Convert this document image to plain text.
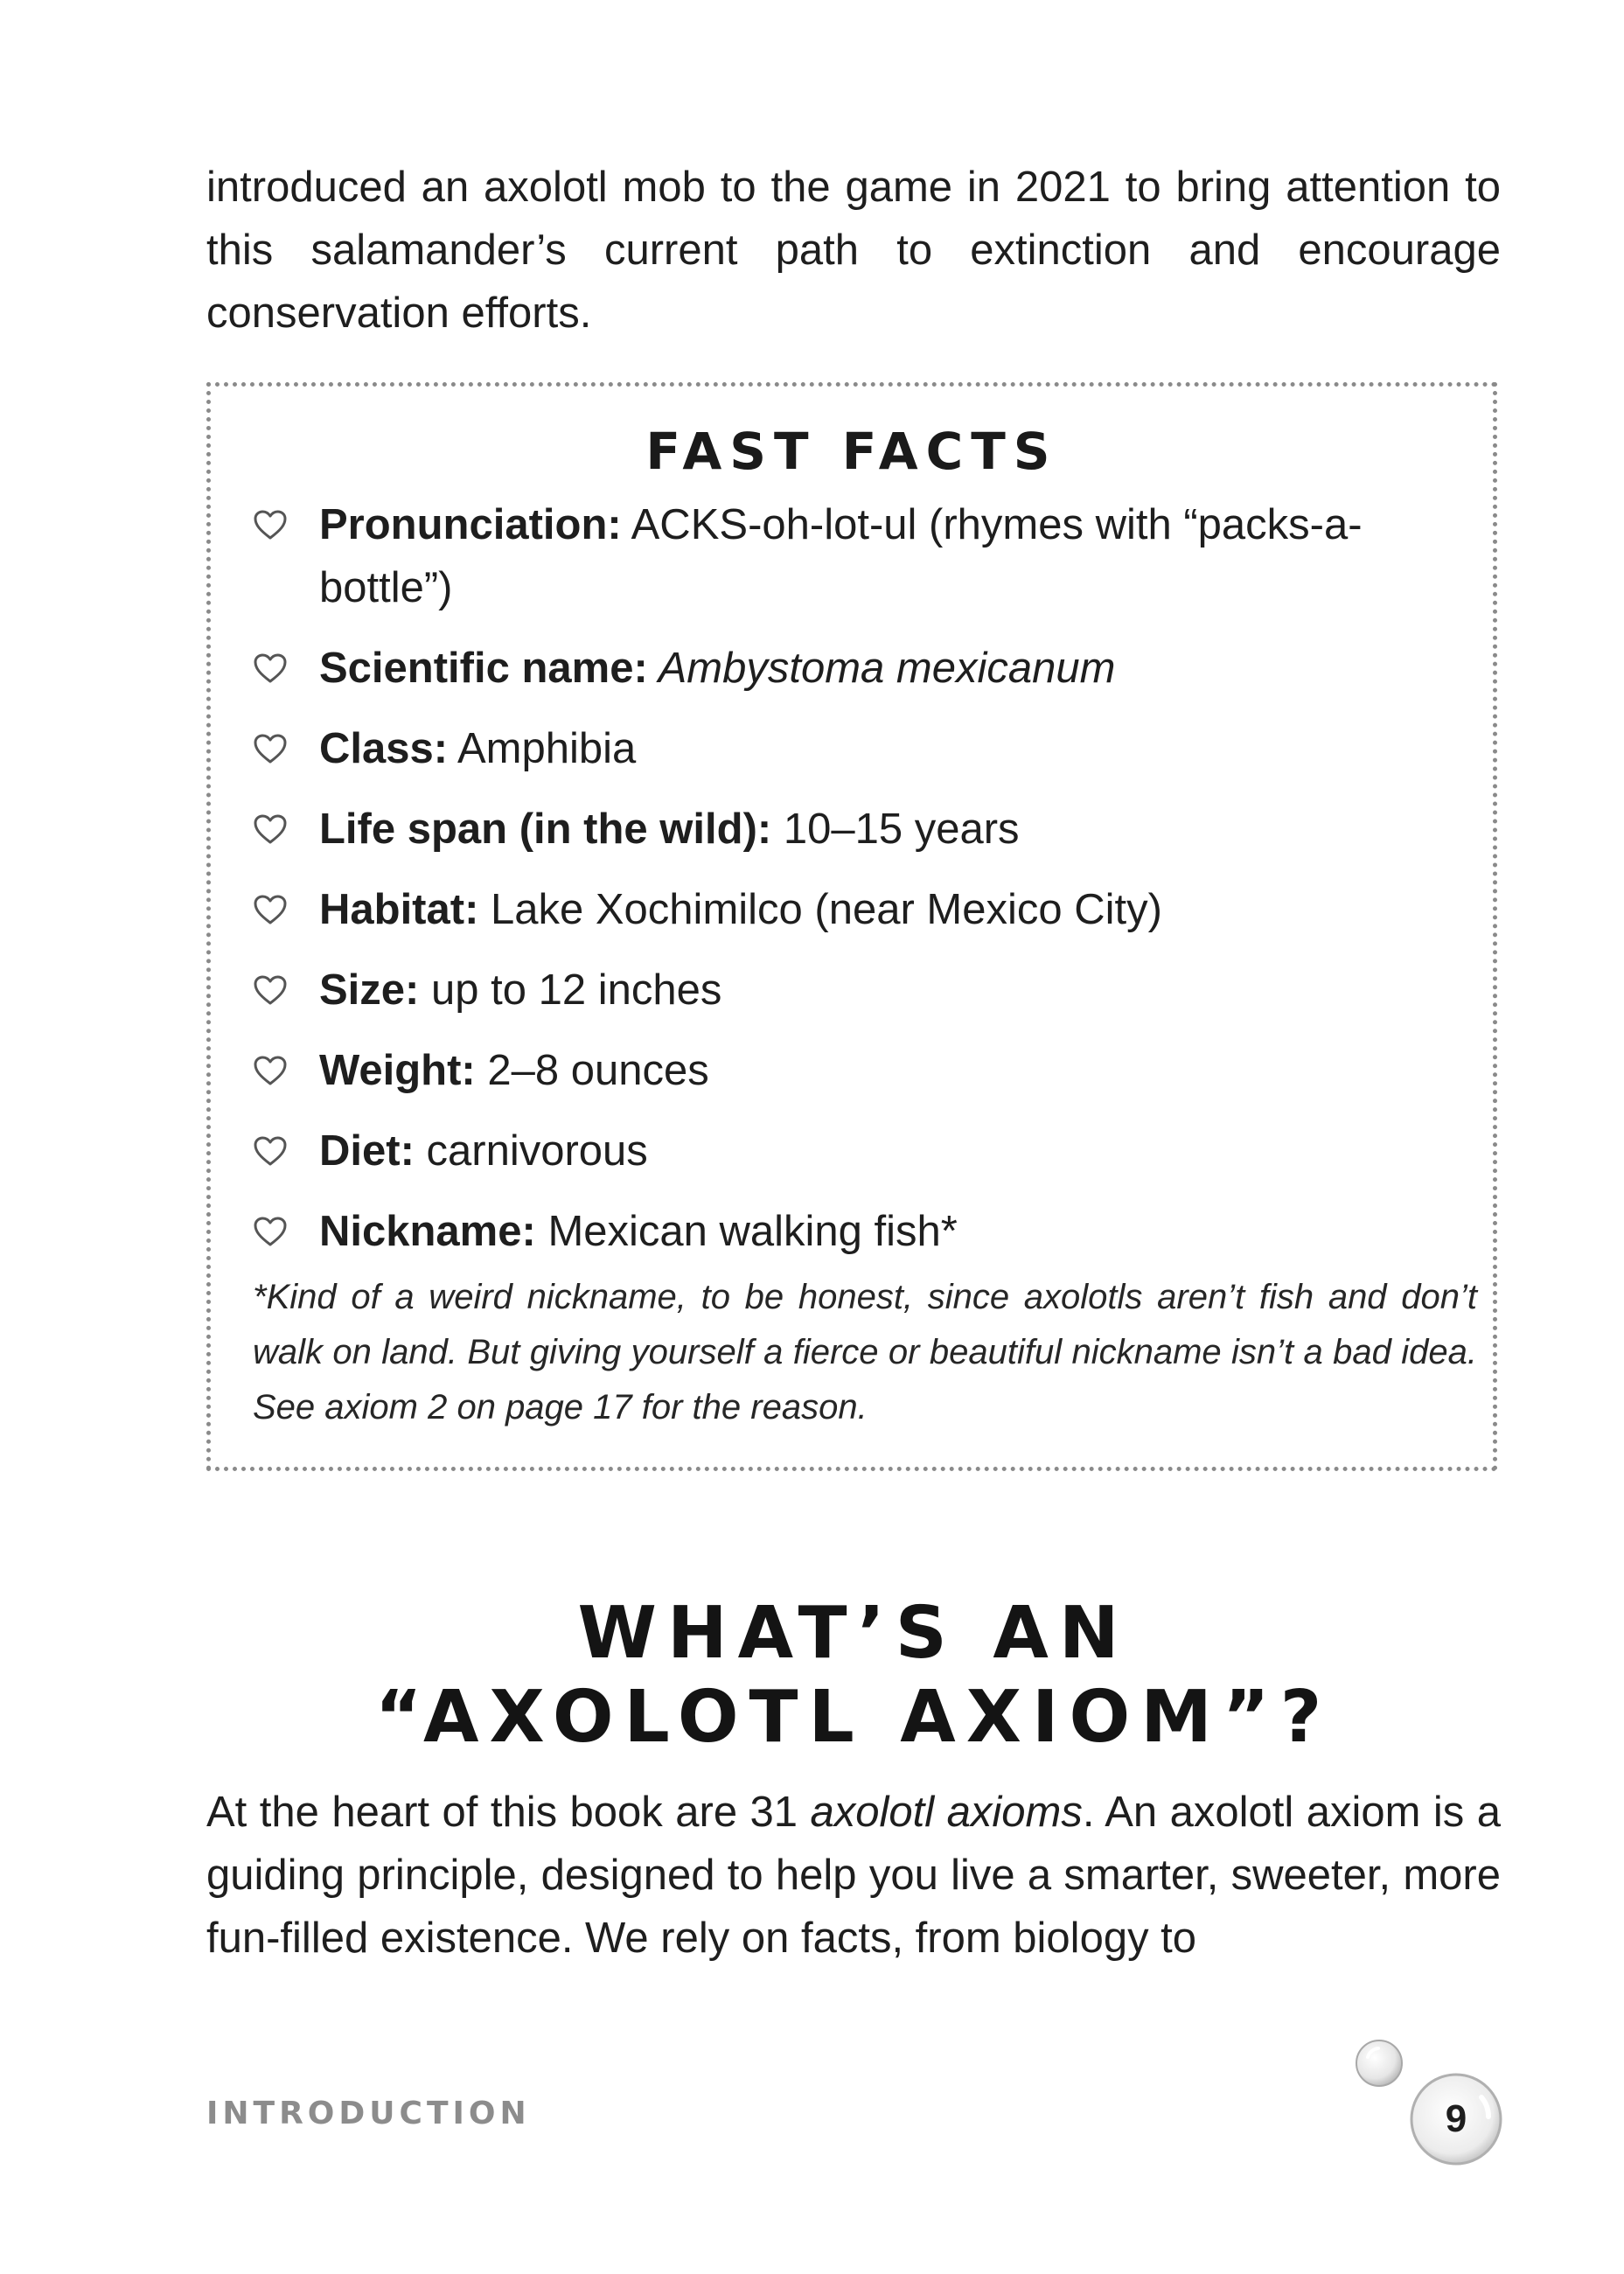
introduced an axolotl mob to the game in 2021 to bring attention to this salamander’s current path to extinction and encourage conservation efforts.

FAST FACTS
Pronunciation: ACKS-oh-lot-ul (rhymes with “packs-a-bottle”)
Scientific name: Ambystoma mexicanum
Class: Amphibia
Life span (in the wild): 10–15 years
Habitat: Lake Xochimilco (near Mexico City)
Size: up to 12 inches
Weight: 2–8 ounces
Diet: carnivorous
Nickname: Mexican walking fish*

*Kind of a weird nickname, to be honest, since axolotls aren’t fish and don’t walk on land. But giving yourself a fierce or beautiful nickname isn’t a bad idea. See axiom 2 on page 17 for the reason.

WHAT’S AN
“AXOLOTL AXIOM”?

At the heart of this book are 31 axolotl axioms. An axolotl axiom is a guiding principle, designed to help you live a smarter, sweeter, more fun-filled existence. We rely on facts, from biology to

INTRODUCTION	9
